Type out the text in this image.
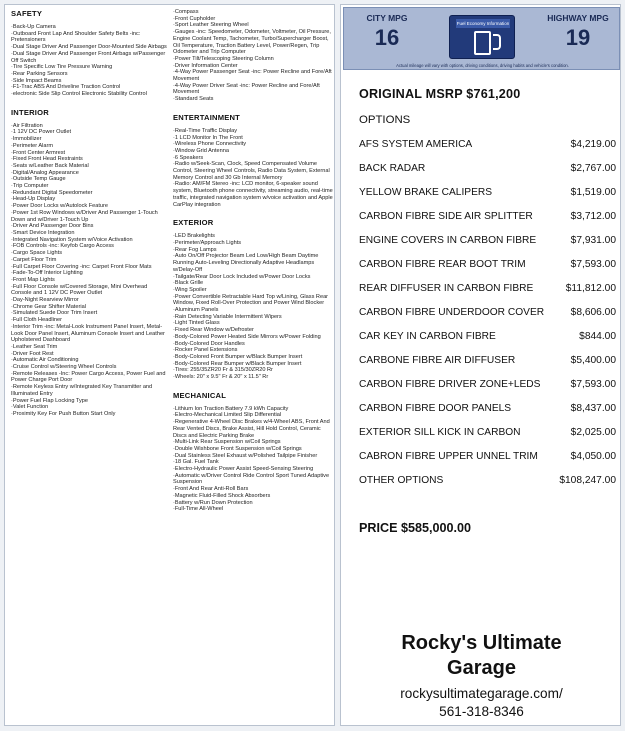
SAFETY
· Back-Up Camera
· Outboard Front Lap And Shoulder Safety Belts -inc: Pretensioners
· Dual Stage Driver And Passenger Door-Mounted Side Airbags
· Dual Stage Driver And Passenger Front Airbags w/Passenger Off Switch
· Tire Specific Low Tire Pressure Warning
· Rear Parking Sensors
· Side Impact Beams
· F1-Trac ABS And Driveline Traction Control
· electronic Side Slip Control Electronic Stability Control
INTERIOR
· Air Filtration
· 1 12V DC Power Outlet
· Immobilizer
· Perimeter Alarm
· Front Center Armrest
· Fixed Front Head Restraints
· Seats w/Leather Back Material
· Digital/Analog Appearance
· Outside Temp Gauge
· Trip Computer
· Redundant Digital Speedometer
· Head-Up Display
· Power Door Locks w/Autolock Feature
· Power 1st Row Windows w/Driver And Passenger 1-Touch Down and w/Driver 1-Touch Up
· Driver And Passenger Door Bins
· Smart Device Integration
· Integrated Navigation System w/Voice Activation
· FOB Controls -inc: Keyfob Cargo Access
· Cargo Space Lights
· Carpet Floor Trim
· Full Carpet Floor Covering -inc: Carpet Front Floor Mats
· Fade-To-Off Interior Lighting
· Front Map Lights
· Full Floor Console w/Covered Storage, Mini Overhead Console and 1 12V DC Power Outlet
· Day-Night Rearview Mirror
· Chrome Gear Shifter Material
· Simulated Suede Door Trim Insert
· Full Cloth Headliner
· Interior Trim -inc: Metal-Look Instrument Panel Insert, Metal-Look Door Panel Insert, Aluminum Console Insert and Leather Upholstered Dashboard
· Leather Seat Trim
· Driver Foot Rest
· Automatic Air Conditioning
· Cruise Control w/Steering Wheel Controls
· Remote Releases -Inc: Power Cargo Access, Power Fuel and Power Charge Port Door
· Remote Keyless Entry w/Integrated Key Transmitter and Illuminated Entry
· Power Fuel Flap Locking Type
· Valet Function
· Proximity Key For Push Button Start Only
· Compass
· Front Cupholder
· Sport Leather Steering Wheel
· Gauges -inc: Speedometer, Odometer, Voltmeter, Oil Pressure, Engine Coolant Temp, Tachometer, Turbo/Supercharger Boost, Oil Temperature, Traction Battery Level, Power/Regen, Trip Odometer and Trip Computer
· Power Tilt/Telescoping Steering Column
· Driver Information Center
· 4-Way Power Passenger Seat -inc: Power Recline and Fore/Aft Movement
· 4-Way Power Driver Seat -inc: Power Recline and Fore/Aft Movement
· Standard Seats
ENTERTAINMENT
· Real-Time Traffic Display
· 1 LCD Monitor In The Front
· Wireless Phone Connectivity
· Window Grid Antenna
· 6 Speakers
· Radio w/Seek-Scan, Clock, Speed Compensated Volume Control, Steering Wheel Controls, Radio Data System, External Memory Control and 30 Gb Internal Memory
· Radio: AM/FM Stereo -inc: LCD monitor, 6-speaker sound system, Bluetooth phone connectivity, streaming audio, real-time traffic, integrated navigation system w/voice activation and Apple CarPlay integration
EXTERIOR
· LED Brakelights
· Perimeter/Approach Lights
· Rear Fog Lamps
· Auto On/Off Projector Beam Led Low/High Beam Daytime Running Auto-Leveling Directionally Adaptive Headlamps w/Delay-Off
· Tailgate/Rear Door Lock Included w/Power Door Locks
· Black Grille
· Wing Spoiler
· Power Convertible Retractable Hard Top w/Lining, Glass Rear Window, Fixed Roll-Over Protection and Power Wind Blocker
· Aluminum Panels
· Rain Detecting Variable Intermittent Wipers
· Light Tinted Glass
· Fixed Rear Window w/Defroster
· Body-Colored Power Heated Side Mirrors w/Power Folding
· Body-Colored Door Handles
· Rocker Panel Extensions
· Body-Colored Front Bumper w/Black Bumper Insert
· Body-Colored Rear Bumper w/Black Bumper Insert
· Tires: 255/35ZR20 Fr & 315/30ZR20 Rr
· Wheels: 20" x 9.5" Fr & 20" x 11.5" Rr
MECHANICAL
· Lithium Ion Traction Battery 7.9 kWh Capacity
· Electro-Mechanical Limited Slip Differential
· Regenerative 4-Wheel Disc Brakes w/4-Wheel ABS, Front And Rear Vented Discs, Brake Assist, Hill Hold Control, Ceramic Discs and Electric Parking Brake
· Multi-Link Rear Suspension w/Coil Springs
· Double Wishbone Front Suspension w/Coil Springs
· Dual Stainless Steel Exhaust w/Polished Tailpipe Finisher
· 18 Gal. Fuel Tank
· Electro-Hydraulic Power Assist Speed-Sensing Steering
· Automatic w/Driver Control Ride Control Sport Tuned Adaptive Suspension
· Front And Rear Anti-Roll Bars
· Magnetic Fluid-Filled Shock Absorbers
· Battery w/Run Down Protection
· Full-Time All-Wheel
CITY MPG
16
Fuel Economy Information
HIGHWAY MPG
19
Actual mileage will vary with options, driving conditions, driving habits and vehicle's condition.
ORIGINAL MSRP $761,200
OPTIONS
AFS SYSTEM AMERICA	$4,219.00
BACK RADAR	$2,767.00
YELLOW BRAKE CALIPERS	$1,519.00
CARBON FIBRE SIDE AIR SPLITTER	$3,712.00
ENGINE COVERS IN CARBON FIBRE	$7,931.00
CARBON FIBRE REAR BOOT TRIM	$7,593.00
REAR DIFFUSER IN CARBON FIBRE	$11,812.00
CARBON FIBRE UNDERDOOR COVER	$8,606.00
CAR KEY IN CARBON FIBRE	$844.00
CARBONE FIBRE AIR DIFFUSER	$5,400.00
CARBON FIBRE DRIVER ZONE+LEDS	$7,593.00
CARBON FIBRE DOOR PANELS	$8,437.00
EXTERIOR SILL KICK IN CARBON	$2,025.00
CABRON FIBRE UPPER UNNEL TRIM	$4,050.00
OTHER OPTIONS	$108,247.00
PRICE $585,000.00
Rocky's Ultimate
Garage
rockysultimategarage.com/
561-318-8346
